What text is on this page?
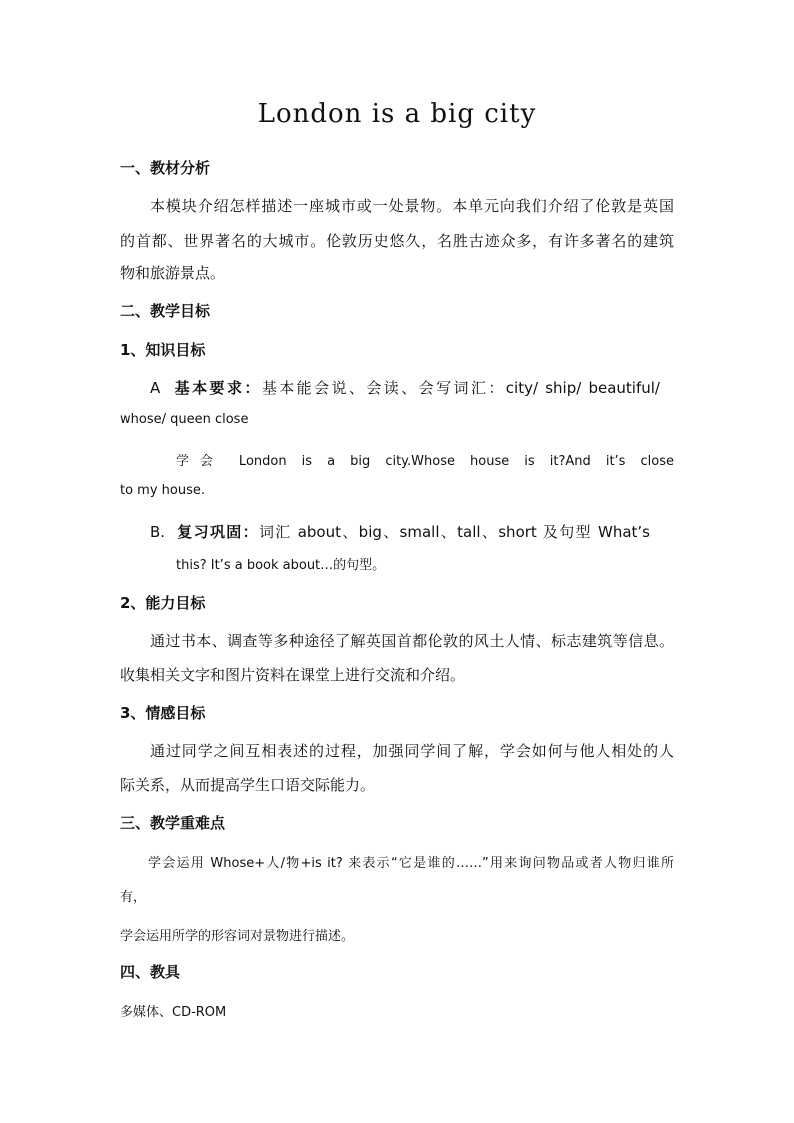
London is a big city
一、教材分析
本模块介绍怎样描述一座城市或一处景物。本单元向我们介绍了伦敦是英国
的首都、世界著名的大城市。伦敦历史悠久，名胜古迹众多，有许多著名的建筑
物和旅游景点。
二、教学目标
1、知识目标
A 基本要求：基本能会说、会读、会写词汇：city/ ship/ beautiful/
whose/ queen close
学会 London is a big city.Whose house is it?And it’s close
to my house.
B. 复习巩固：词汇 about、big、small、tall、short 及句型 What’s
this? It’s a book about…的句型。
2、能力目标
通过书本、调查等多种途径了解英国首都伦敦的风土人情、标志建筑等信息。
收集相关文字和图片资料在课堂上进行交流和介绍。
3、情感目标
通过同学之间互相表述的过程，加强同学间了解，学会如何与他人相处的人
际关系，从而提高学生口语交际能力。
三、教学重难点
学会运用 Whose+人/物+is it? 来表示“它是谁的……”用来询问物品或者人物归谁所
有，
学会运用所学的形容词对景物进行描述。
四、教具
多媒体、CD-ROM
